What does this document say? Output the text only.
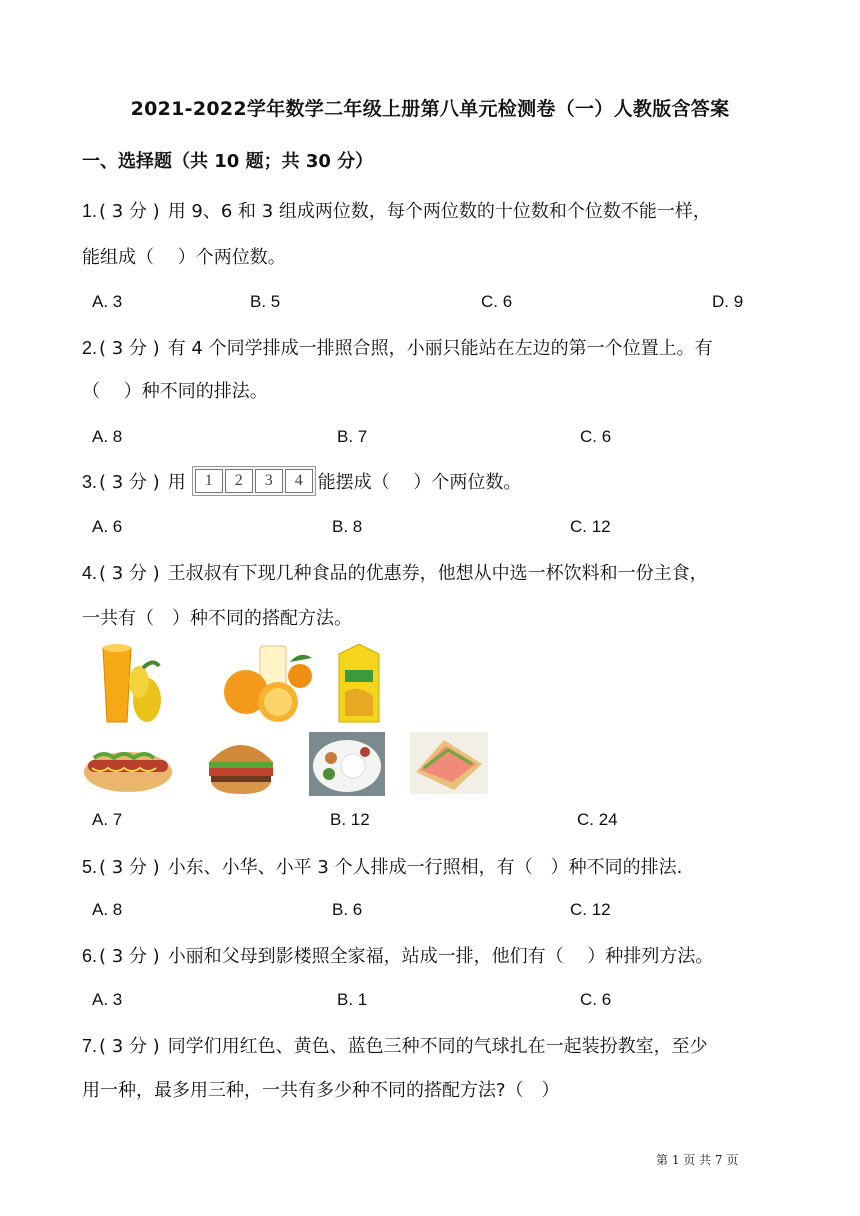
2021-2022学年数学二年级上册第八单元检测卷（一）人教版含答案
一、选择题（共 10 题；共 30 分）
1. ( 3 分 ) 用 9、6 和 3 组成两位数，每个两位数的十位数和个位数不能一样，
能组成（　 ）个两位数。
A. 3	B. 5	C. 6	D. 9
2. ( 3 分 ) 有 4 个同学排成一排照合照，小丽只能站在左边的第一个位置上。有
（　 ）种不同的排法。
A. 8	B. 7	C. 6
3. ( 3 分 ) 用	1	2	3	4 能摆成（　 ）个两位数。
A. 6	B. 8	C. 12
4. ( 3 分 ) 王叔叔有下现几种食品的优惠券，他想从中选一杯饮料和一份主食，
一共有（　）种不同的搭配方法。
A. 7	B. 12	C. 24
5. ( 3 分 ) 小东、小华、小平 3 个人排成一行照相，有（　）种不同的排法.
A. 8	B. 6	C. 12
6. ( 3 分 ) 小丽和父母到影楼照全家福，站成一排，他们有（　 ）种排列方法。
A. 3	B. 1	C. 6
7. ( 3 分 ) 同学们用红色、黄色、蓝色三种不同的气球扎在一起装扮教室，至少
用一种，最多用三种，一共有多少种不同的搭配方法?（　）
第 1 页 共 7 页
